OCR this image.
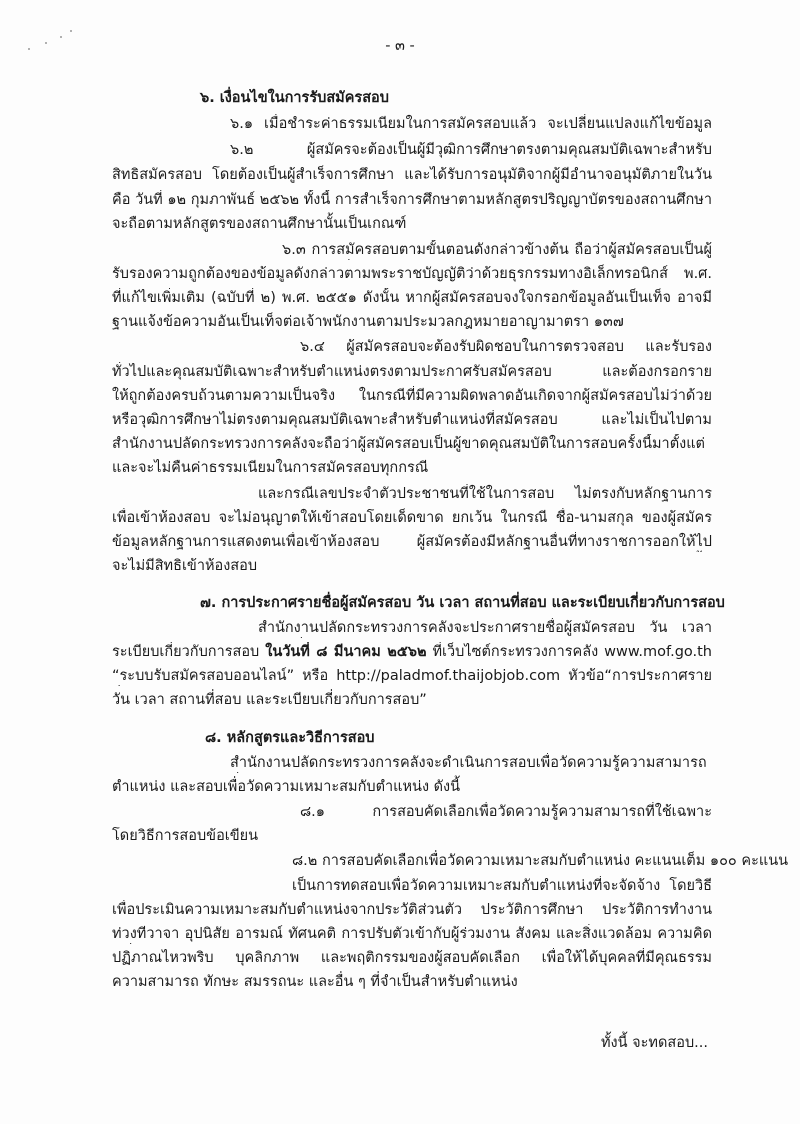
- ๓ -
๖. เงื่อนไขในการรับสมัครสอบ
๖.๑ เมื่อชำระค่าธรรมเนียมในการสมัครสอบแล้ว จะเปลี่ยนแปลงแก้ไขข้อมูล
๖.๒ ผู้สมัครจะต้องเป็นผู้มีวุฒิการศึกษาตรงตามคุณสมบัติเฉพาะสำหรับ
สิทธิสมัครสอบ โดยต้องเป็นผู้สำเร็จการศึกษา และได้รับการอนุมัติจากผู้มีอำนาจอนุมัติภายในวัน
คือ วันที่ ๑๒ กุมภาพันธ์ ๒๕๖๒ ทั้งนี้ การสำเร็จการศึกษาตามหลักสูตรปริญญาบัตรของสถานศึกษา
จะถือตามหลักสูตรของสถานศึกษานั้นเป็นเกณฑ์
๖.๓ การสมัครสอบตามขั้นตอนดังกล่าวข้างต้น ถือว่าผู้สมัครสอบเป็นผู้
รับรองความถูกต้องของข้อมูลดังกล่าวตามพระราชบัญญัติว่าด้วยธุรกรรมทางอิเล็กทรอนิกส์ พ.ศ.
ที่แก้ไขเพิ่มเติม (ฉบับที่ ๒) พ.ศ. ๒๕๕๑ ดังนั้น หากผู้สมัครสอบจงใจกรอกข้อมูลอันเป็นเท็จ อาจมี
ฐานแจ้งข้อความอันเป็นเท็จต่อเจ้าพนักงานตามประมวลกฎหมายอาญามาตรา ๑๓๗
๖.๔ ผู้สมัครสอบจะต้องรับผิดชอบในการตรวจสอบ และรับรอง
ทั่วไปและคุณสมบัติเฉพาะสำหรับตำแหน่งตรงตามประกาศรับสมัครสอบ และต้องกรอกราย
ให้ถูกต้องครบถ้วนตามความเป็นจริง ในกรณีที่มีความผิดพลาดอันเกิดจากผู้สมัครสอบไม่ว่าด้วย
หรือวุฒิการศึกษาไม่ตรงตามคุณสมบัติเฉพาะสำหรับตำแหน่งที่สมัครสอบ และไม่เป็นไปตาม
สำนักงานปลัดกระทรวงการคลังจะถือว่าผู้สมัครสอบเป็นผู้ขาดคุณสมบัติในการสอบครั้งนี้มาตั้งแต่
และจะไม่คืนค่าธรรมเนียมในการสมัครสอบทุกกรณี
และกรณีเลขประจำตัวประชาชนที่ใช้ในการสอบ ไม่ตรงกับหลักฐานการ
เพื่อเข้าห้องสอบ จะไม่อนุญาตให้เข้าสอบโดยเด็ดขาด ยกเว้น ในกรณี ชื่อ-นามสกุล ของผู้สมัคร
ข้อมูลหลักฐานการแสดงตนเพื่อเข้าห้องสอบ ผู้สมัครต้องมีหลักฐานอื่นที่ทางราชการออกให้ไป
จะไม่มีสิทธิเข้าห้องสอบ
๗. การประกาศรายชื่อผู้สมัครสอบ วัน เวลา สถานที่สอบ และระเบียบเกี่ยวกับการสอบ
สำนักงานปลัดกระทรวงการคลังจะประกาศรายชื่อผู้สมัครสอบ วัน เวลา
ระเบียบเกี่ยวกับการสอบ ในวันที่ ๘ มีนาคม ๒๕๖๒ ที่เว็บไซต์กระทรวงการคลัง www.mof.go.th
“ระบบรับสมัครสอบออนไลน์” หรือ http://paladmof.thaijobjob.com หัวข้อ“การประกาศราย
วัน เวลา สถานที่สอบ และระเบียบเกี่ยวกับการสอบ”
๘. หลักสูตรและวิธีการสอบ
สำนักงานปลัดกระทรวงการคลังจะดำเนินการสอบเพื่อวัดความรู้ความสามารถ
ตำแหน่ง และสอบเพื่อวัดความเหมาะสมกับตำแหน่ง ดังนี้
๘.๑ การสอบคัดเลือกเพื่อวัดความรู้ความสามารถที่ใช้เฉพาะ
โดยวิธีการสอบข้อเขียน
๘.๒ การสอบคัดเลือกเพื่อวัดความเหมาะสมกับตำแหน่ง คะแนนเต็ม ๑๐๐ คะแนน
เป็นการทดสอบเพื่อวัดความเหมาะสมกับตำแหน่งที่จะจัดจ้าง โดยวิธี
เพื่อประเมินความเหมาะสมกับตำแหน่งจากประวัติส่วนตัว ประวัติการศึกษา ประวัติการทำงาน
ท่วงทีวาจา อุปนิสัย อารมณ์ ทัศนคติ การปรับตัวเข้ากับผู้ร่วมงาน สังคม และสิ่งแวดล้อม ความคิด
ปฏิภาณไหวพริบ บุคลิกภาพ และพฤติกรรมของผู้สอบคัดเลือก เพื่อให้ได้บุคคลที่มีคุณธรรม
ความสามารถ ทักษะ สมรรถนะ และอื่น ๆ ที่จำเป็นสำหรับตำแหน่ง
ทั้งนี้ จะทดสอบ...
